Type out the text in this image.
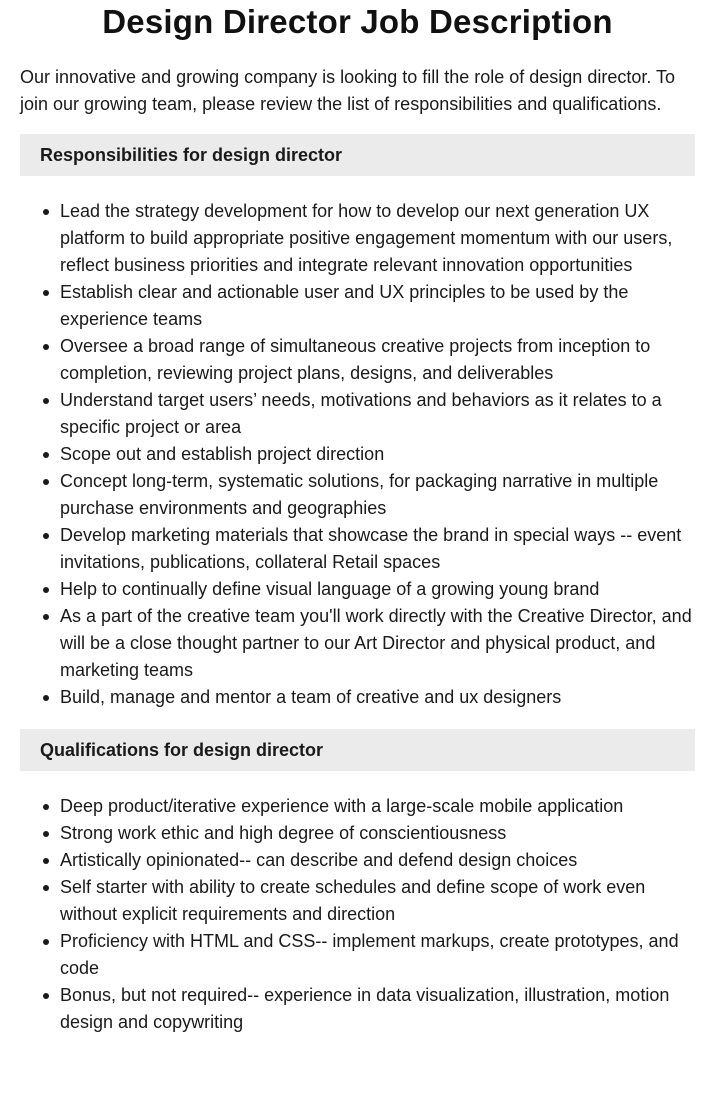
Design Director Job Description

Our innovative and growing company is looking to fill the role of design director. To join our growing team, please review the list of responsibilities and qualifications.

Responsibilities for design director
Lead the strategy development for how to develop our next generation UX platform to build appropriate positive engagement momentum with our users, reflect business priorities and integrate relevant innovation opportunities
Establish clear and actionable user and UX principles to be used by the experience teams
Oversee a broad range of simultaneous creative projects from inception to completion, reviewing project plans, designs, and deliverables
Understand target users’ needs, motivations and behaviors as it relates to a specific project or area
Scope out and establish project direction
Concept long-term, systematic solutions, for packaging narrative in multiple purchase environments and geographies
Develop marketing materials that showcase the brand in special ways -- event invitations, publications, collateral Retail spaces
Help to continually define visual language of a growing young brand
As a part of the creative team you'll work directly with the Creative Director, and will be a close thought partner to our Art Director and physical product, and marketing teams
Build, manage and mentor a team of creative and ux designers
Qualifications for design director
Deep product/iterative experience with a large-scale mobile application
Strong work ethic and high degree of conscientiousness
Artistically opinionated-- can describe and defend design choices
Self starter with ability to create schedules and define scope of work even without explicit requirements and direction
Proficiency with HTML and CSS-- implement markups, create prototypes, and code
Bonus, but not required-- experience in data visualization, illustration, motion design and copywriting
